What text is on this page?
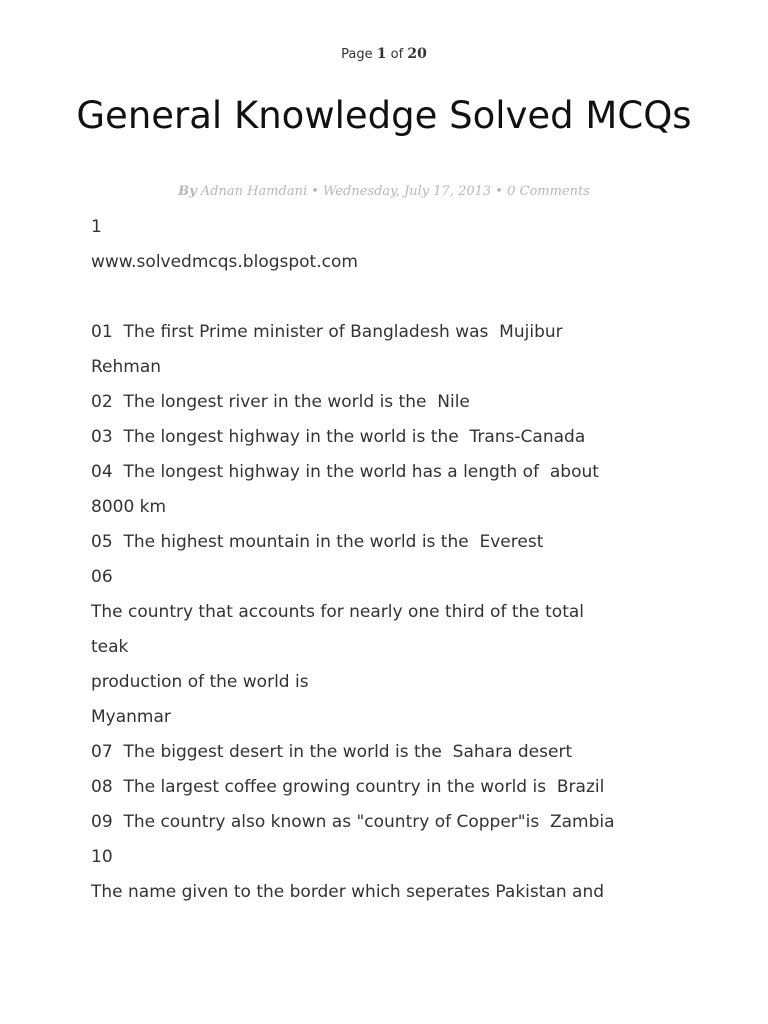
Page 1 of 20
General Knowledge Solved MCQs
By Adnan Hamdani • Wednesday, July 17, 2013 • 0 Comments
1
www.solvedmcqs.blogspot.com
01  The first Prime minister of Bangladesh was  Mujibur
Rehman
02  The longest river in the world is the  Nile
03  The longest highway in the world is the  Trans-Canada
04  The longest highway in the world has a length of  about
8000 km
05  The highest mountain in the world is the  Everest
06
The country that accounts for nearly one third of the total
teak
production of the world is
Myanmar
07  The biggest desert in the world is the  Sahara desert
08  The largest coffee growing country in the world is  Brazil
09  The country also known as "country of Copper"is  Zambia
10
The name given to the border which seperates Pakistan and
